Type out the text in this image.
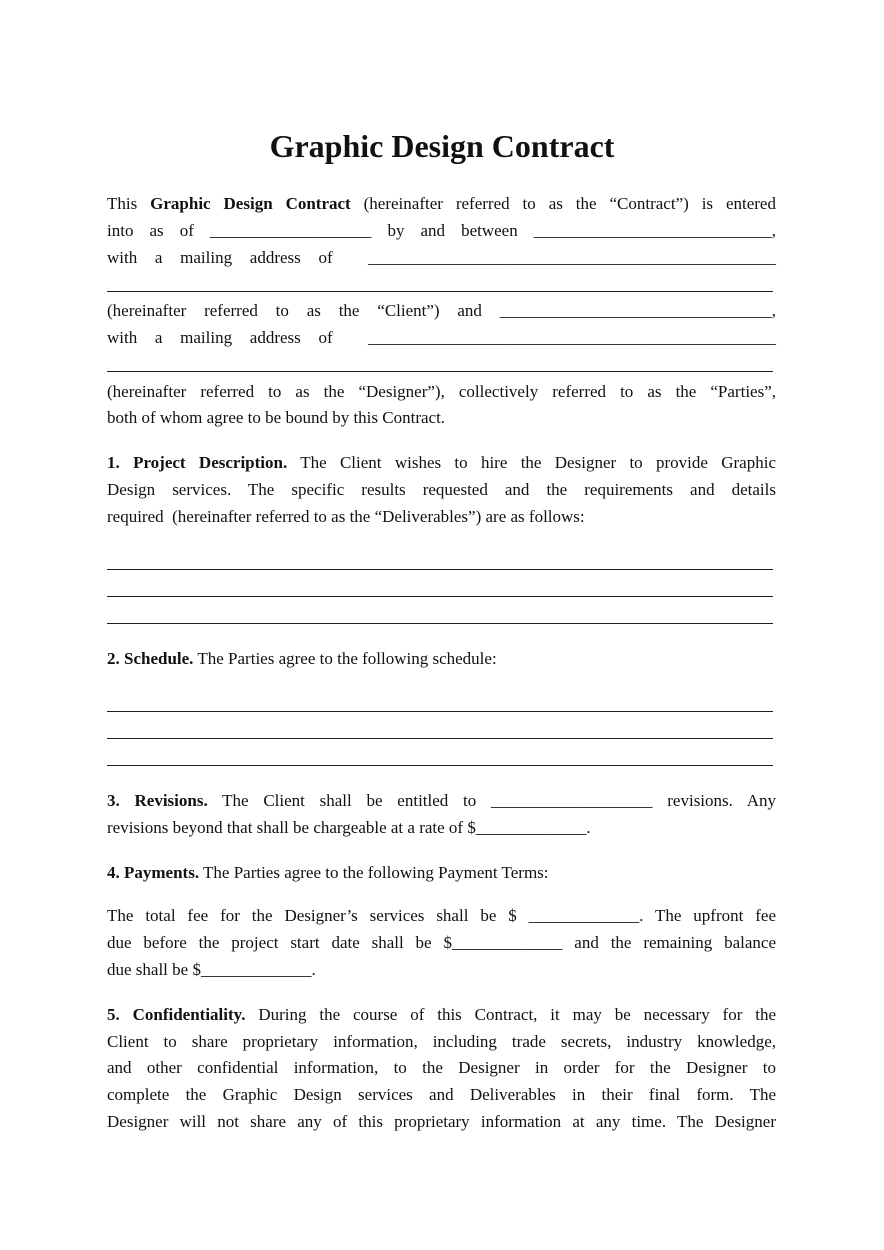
Graphic Design Contract
This Graphic Design Contract (hereinafter referred to as the “Contract”) is entered
into as of ___________________ by and between ____________________________,
with a mailing address of  ________________________________________________
(hereinafter referred to as the “Client”) and ________________________________,
with a mailing address of  ________________________________________________
(hereinafter referred to as the “Designer”), collectively referred to as the “Parties”,
both of whom agree to be bound by this Contract.
1. Project Description. The Client wishes to hire the Designer to provide Graphic
Design services. The specific results requested and the requirements and details
required  (hereinafter referred to as the “Deliverables”) are as follows:
2. Schedule. The Parties agree to the following schedule:
3. Revisions. The Client shall be entitled to ___________________ revisions. Any
revisions beyond that shall be chargeable at a rate of $_____________.
4. Payments. The Parties agree to the following Payment Terms:
The total fee for the Designer’s services shall be $ _____________. The upfront fee
due before the project start date shall be $_____________ and the remaining balance
due shall be $_____________.
5. Confidentiality. During the course of this Contract, it may be necessary for the
Client to share proprietary information, including trade secrets, industry knowledge,
and other confidential information, to the Designer in order for the Designer to
complete the Graphic Design services and Deliverables in their final form. The
Designer will not share any of this proprietary information at any time. The Designer
